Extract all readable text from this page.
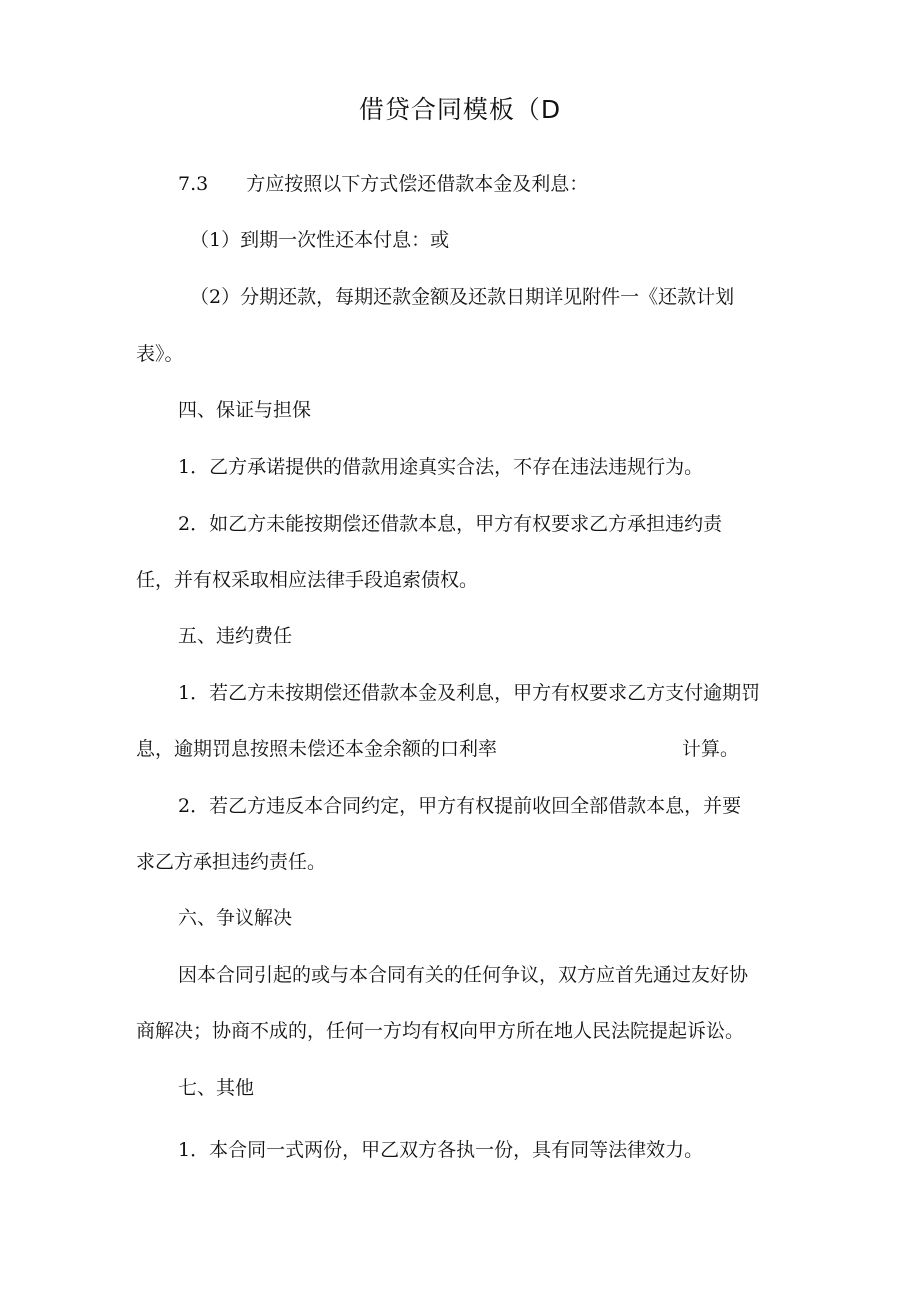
借贷合同模板（D
7.3 方应按照以下方式偿还借款本金及利息：
（1）到期一次性还本付息：或
（2）分期还款，每期还款金额及还款日期详见附件一《还款计划
表》。
四、保证与担保
1．乙方承诺提供的借款用途真实合法，不存在违法违规行为。
2．如乙方未能按期偿还借款本息，甲方有权要求乙方承担违约责
任，并有权采取相应法律手段追索债权。
五、违约费任
1．若乙方未按期偿还借款本金及利息，甲方有权要求乙方支付逾期罚
息，逾期罚息按照未偿还本金余额的口利率	计算。
2．若乙方违反本合同约定，甲方有权提前收回全部借款本息，并要
求乙方承担违约责任。
六、争议解决
因本合同引起的或与本合同有关的任何争议，双方应首先通过友好协
商解决；协商不成的，任何一方均有权向甲方所在地人民法院提起诉讼。
七、其他
1．本合同一式两份，甲乙双方各执一份，具有同等法律效力。
